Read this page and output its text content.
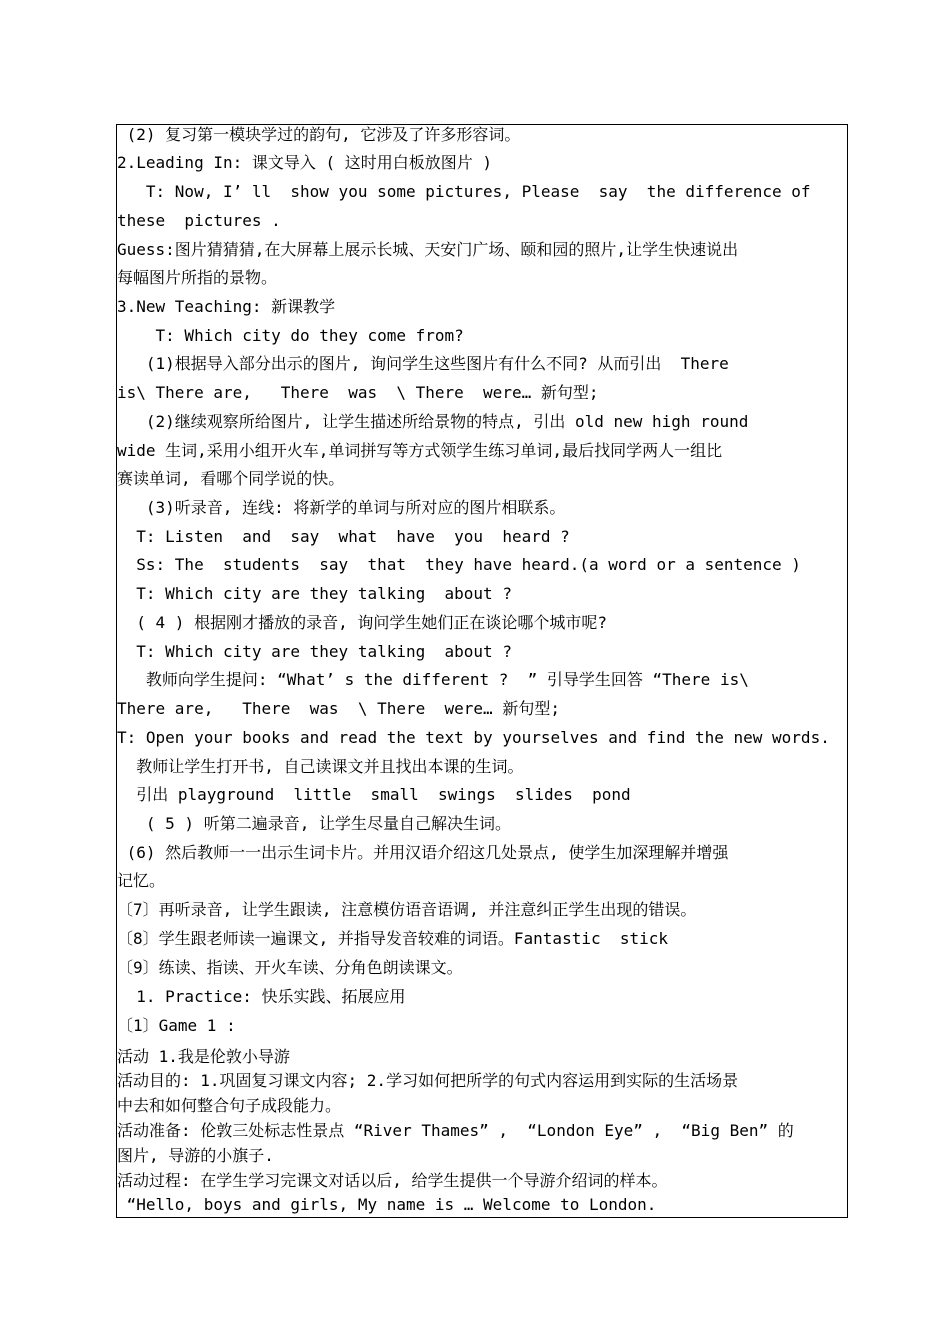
(2) 复习第一模块学过的韵句, 它涉及了许多形容词。
2.Leading In: 课文导入 ( 这时用白板放图片 )
T: Now, I’ ll  show you some pictures, Please  say  the difference of
these  pictures .
Guess:图片猜猜猜,在大屏幕上展示长城、天安门广场、颐和园的照片,让学生快速说出
每幅图片所指的景物。
3.New Teaching: 新课教学
T: Which city do they come from?
(1)根据导入部分出示的图片, 询问学生这些图片有什么不同? 从而引出  There
is\ There are,   There  was  \ There  were… 新句型;
(2)继续观察所给图片, 让学生描述所给景物的特点, 引出 old new high round
wide 生词,采用小组开火车,单词拼写等方式领学生练习单词,最后找同学两人一组比
赛读单词, 看哪个同学说的快。
(3)听录音, 连线: 将新学的单词与所对应的图片相联系。
T: Listen  and  say  what  have  you  heard ?
Ss: The  students  say  that  they have heard.(a word or a sentence )
T: Which city are they talking  about ?
( 4 ) 根据刚才播放的录音, 询问学生她们正在谈论哪个城市呢?
T: Which city are they talking  about ?
教师向学生提问: “What’ s the different ?  ” 引导学生回答 “There is\
There are,   There  was  \ There  were… 新句型;
T: Open your books and read the text by yourselves and find the new words.
教师让学生打开书, 自己读课文并且找出本课的生词。
引出 playground  little  small  swings  slides  pond
( 5 ) 听第二遍录音, 让学生尽量自己解决生词。
(6) 然后教师一一出示生词卡片。并用汉语介绍这几处景点, 使学生加深理解并增强
记忆。
〔7〕再听录音, 让学生跟读, 注意模仿语音语调, 并注意纠正学生出现的错误。
〔8〕学生跟老师读一遍课文, 并指导发音较难的词语。Fantastic  stick
〔9〕练读、指读、开火车读、分角色朗读课文。
1. Practice: 快乐实践、拓展应用
〔1〕Game 1 :
活动 1.我是伦敦小导游
活动目的: 1.巩固复习课文内容; 2.学习如何把所学的句式内容运用到实际的生活场景
中去和如何整合句子成段能力。
活动准备: 伦敦三处标志性景点 “River Thames” ,  “London Eye” ,  “Big Ben” 的
图片, 导游的小旗子.
活动过程: 在学生学习完课文对话以后, 给学生提供一个导游介绍词的样本。
“Hello, boys and girls, My name is … Welcome to London.
